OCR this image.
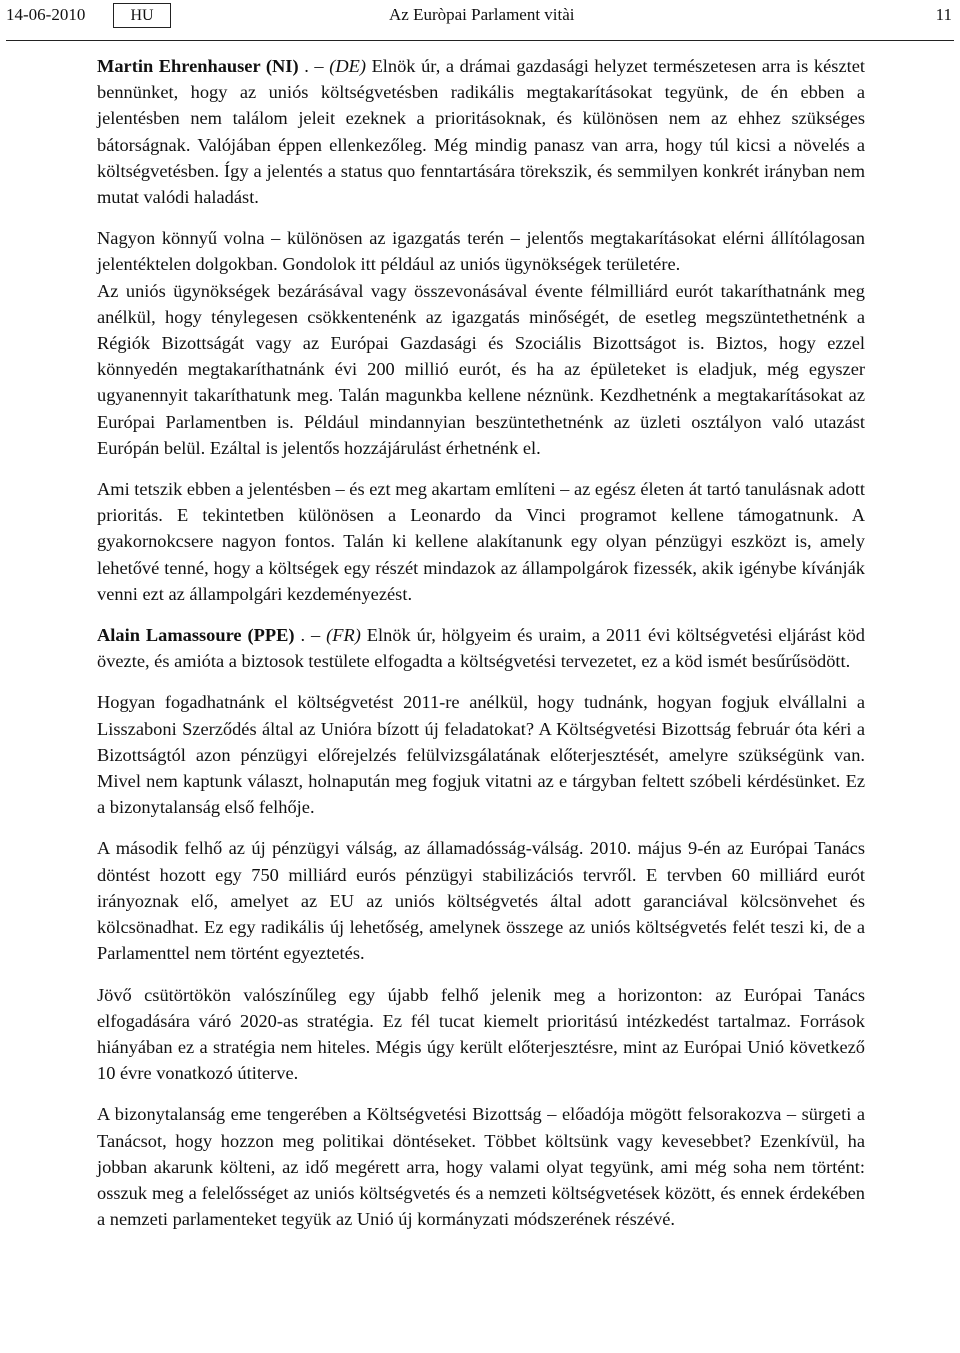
14-06-2010	HU	Az Euròpai Parlament vitài	11

Martin Ehrenhauser (NI) . – (DE) Elnök úr, a drámai gazdasági helyzet természetesen arra is késztet bennünket, hogy az uniós költségvetésben radikális megtakarításokat tegyünk, de én ebben a jelentésben nem találom jeleit ezeknek a prioritásoknak, és különösen nem az ehhez szükséges bátorságnak. Valójában éppen ellenkezőleg. Még mindig panasz van arra, hogy túl kicsi a növelés a költségvetésben. Így a jelentés a status quo fenntartására törekszik, és semmilyen konkrét irányban nem mutat valódi haladást.

Nagyon könnyű volna – különösen az igazgatás terén – jelentős megtakarításokat elérni állítólagosan jelentéktelen dolgokban. Gondolok itt például az uniós ügynökségek területére.

Az uniós ügynökségek bezárásával vagy összevonásával évente félmilliárd eurót takaríthatnánk meg anélkül, hogy ténylegesen csökkentenénk az igazgatás minőségét, de esetleg megszüntethetnénk a Régiók Bizottságát vagy az Európai Gazdasági és Szociális Bizottságot is. Biztos, hogy ezzel könnyedén megtakaríthatnánk évi 200 millió eurót, és ha az épületeket is eladjuk, még egyszer ugyanennyit takaríthatunk meg. Talán magunkba kellene néznünk. Kezdhetnénk a megtakarításokat az Európai Parlamentben is. Például mindannyian beszüntethetnénk az üzleti osztályon való utazást Európán belül. Ezáltal is jelentős hozzájárulást érhetnénk el.

Ami tetszik ebben a jelentésben – és ezt meg akartam említeni – az egész életen át tartó tanulásnak adott prioritás. E tekintetben különösen a Leonardo da Vinci programot kellene támogatnunk. A gyakornokcsere nagyon fontos. Talán ki kellene alakítanunk egy olyan pénzügyi eszközt is, amely lehetővé tenné, hogy a költségek egy részét mindazok az állampolgárok fizessék, akik igénybe kívánják venni ezt az állampolgári kezdeményezést.

Alain Lamassoure (PPE) . – (FR) Elnök úr, hölgyeim és uraim, a 2011 évi költségvetési eljárást köd övezte, és amióta a biztosok testülete elfogadta a költségvetési tervezetet, ez a köd ismét besűrűsödött.

Hogyan fogadhatnánk el költségvetést 2011-re anélkül, hogy tudnánk, hogyan fogjuk elvállalni a Lisszaboni Szerződés által az Unióra bízott új feladatokat? A Költségvetési Bizottság február óta kéri a Bizottságtól azon pénzügyi előrejelzés felülvizsgálatának előterjesztését, amelyre szükségünk van. Mivel nem kaptunk választ, holnapután meg fogjuk vitatni az e tárgyban feltett szóbeli kérdésünket. Ez a bizonytalanság első felhője.

A második felhő az új pénzügyi válság, az államadósság-válság. 2010. május 9-én az Európai Tanács döntést hozott egy 750 milliárd eurós pénzügyi stabilizációs tervről. E tervben 60 milliárd eurót irányoznak elő, amelyet az EU az uniós költségvetés által adott garanciával kölcsönvehet és kölcsönadhat. Ez egy radikális új lehetőség, amelynek összege az uniós költségvetés felét teszi ki, de a Parlamenttel nem történt egyeztetés.

Jövő csütörtökön valószínűleg egy újabb felhő jelenik meg a horizonton: az Európai Tanács elfogadására váró 2020-as stratégia. Ez fél tucat kiemelt prioritású intézkedést tartalmaz. Források hiányában ez a stratégia nem hiteles. Mégis úgy került előterjesztésre, mint az Európai Unió következő 10 évre vonatkozó útiterve.

A bizonytalanság eme tengerében a Költségvetési Bizottság – előadója mögött felsorakozva – sürgeti a Tanácsot, hogy hozzon meg politikai döntéseket. Többet költsünk vagy kevesebbet? Ezenkívül, ha jobban akarunk költeni, az idő megérett arra, hogy valami olyat tegyünk, ami még soha nem történt: osszuk meg a felelősséget az uniós költségvetés és a nemzeti költségvetések között, és ennek érdekében a nemzeti parlamenteket tegyük az Unió új kormányzati módszerének részévé.
